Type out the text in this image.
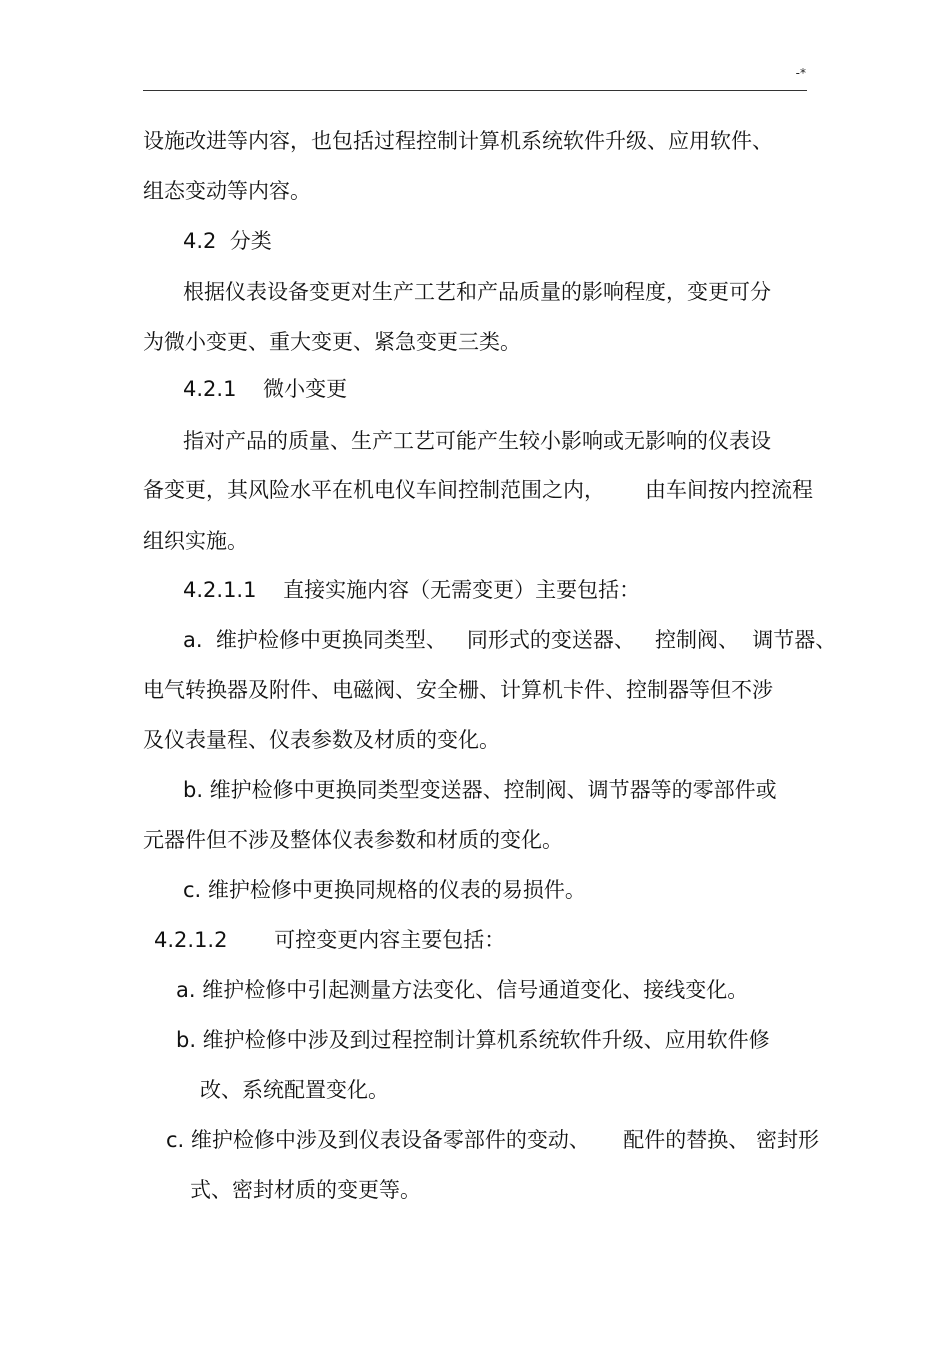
-*
设施改进等内容，也包括过程控制计算机系统软件升级、应用软件、
组态变动等内容。
4.2  分类
根据仪表设备变更对生产工艺和产品质量的影响程度，变更可分
为微小变更、重大变更、紧急变更三类。
4.2.1    微小变更
指对产品的质量、生产工艺可能产生较小影响或无影响的仪表设
备变更，其风险水平在机电仪车间控制范围之内，      由车间按内控流程
组织实施。
4.2.1.1    直接实施内容（无需变更）主要包括：
a.  维护检修中更换同类型、   同形式的变送器、   控制阀、  调节器、
电气转换器及附件、电磁阀、安全栅、计算机卡件、控制器等但不涉
及仪表量程、仪表参数及材质的变化。
b. 维护检修中更换同类型变送器、控制阀、调节器等的零部件或
元器件但不涉及整体仪表参数和材质的变化。
c. 维护检修中更换同规格的仪表的易损件。
4.2.1.2       可控变更内容主要包括：
a. 维护检修中引起测量方法变化、信号通道变化、接线变化。
b. 维护检修中涉及到过程控制计算机系统软件升级、应用软件修
改、系统配置变化。
c. 维护检修中涉及到仪表设备零部件的变动、     配件的替换、 密封形
式、密封材质的变更等。
